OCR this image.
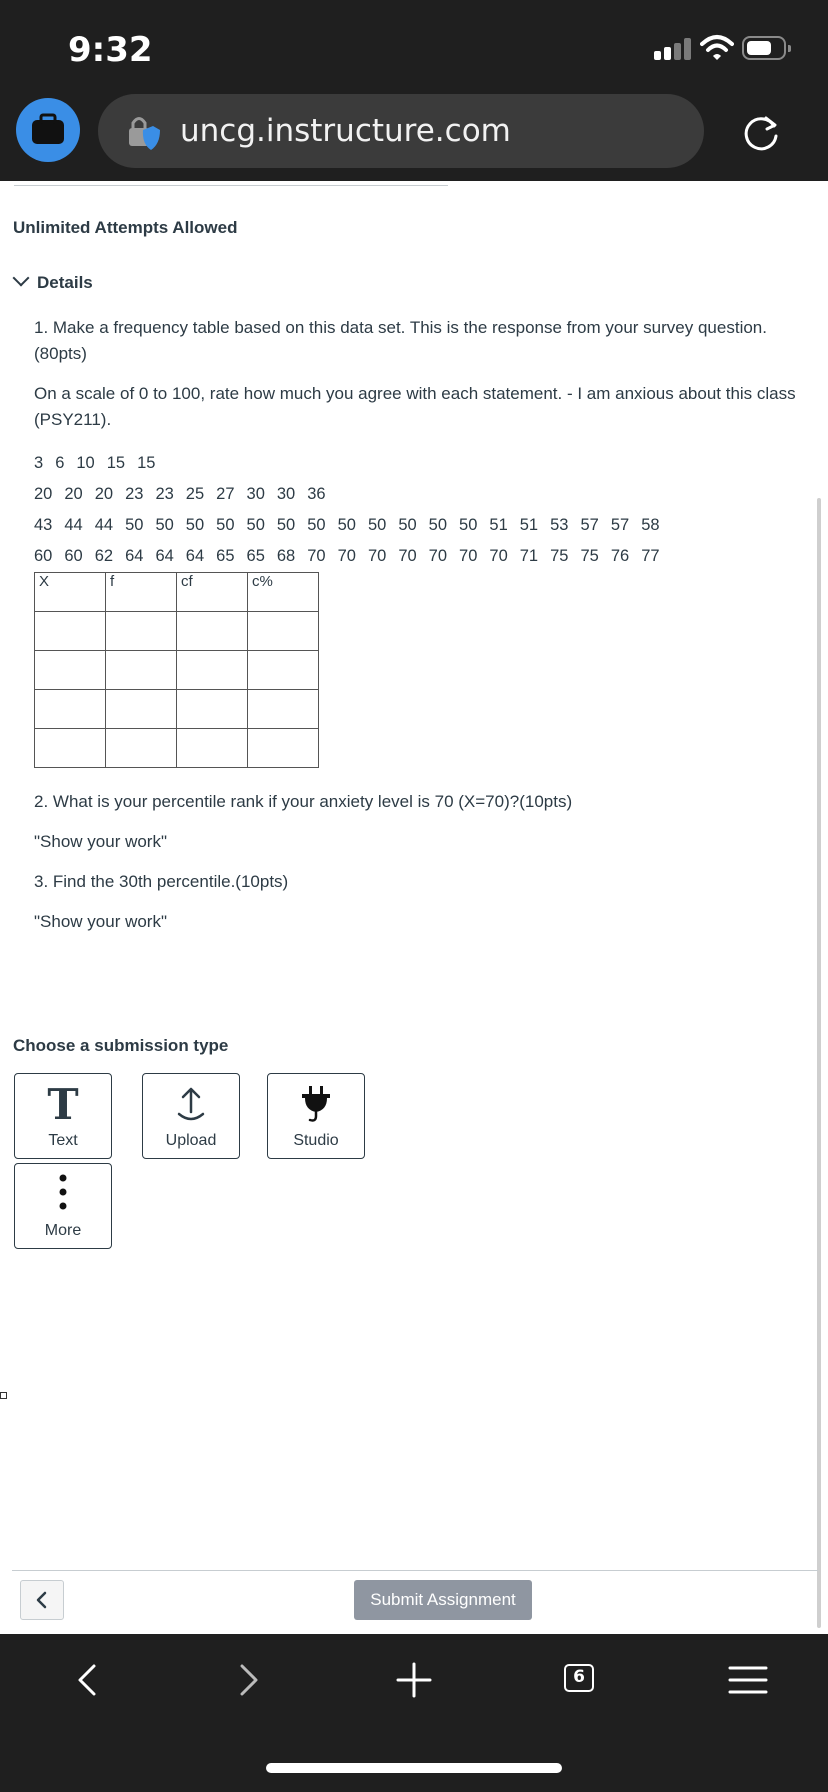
9:32
uncg.instructure.com
Unlimited Attempts Allowed
Details
1. Make a frequency table based on this data set. This is the response from your survey question. (80pts)
On a scale of 0 to 100, rate how much you agree with each statement. - I am anxious about this class (PSY211).
3 6 10 15 15
20 20 20 23 23 25 27 30 30 36
43 44 44 50 50 50 50 50 50 50 50 50 50 50 50 51 51 53 57 57 58
60 60 62 64 64 64 65 65 68 70 70 70 70 70 70 70 71 75 75 76 77
X	f	cf	c%

2. What is your percentile rank if your anxiety level is 70 (X=70)?(10pts)
"Show your work"
3. Find the 30th percentile.(10pts)
"Show your work"
Choose a submission type
T
Text	Upload	Studio
More
Submit Assignment
6
